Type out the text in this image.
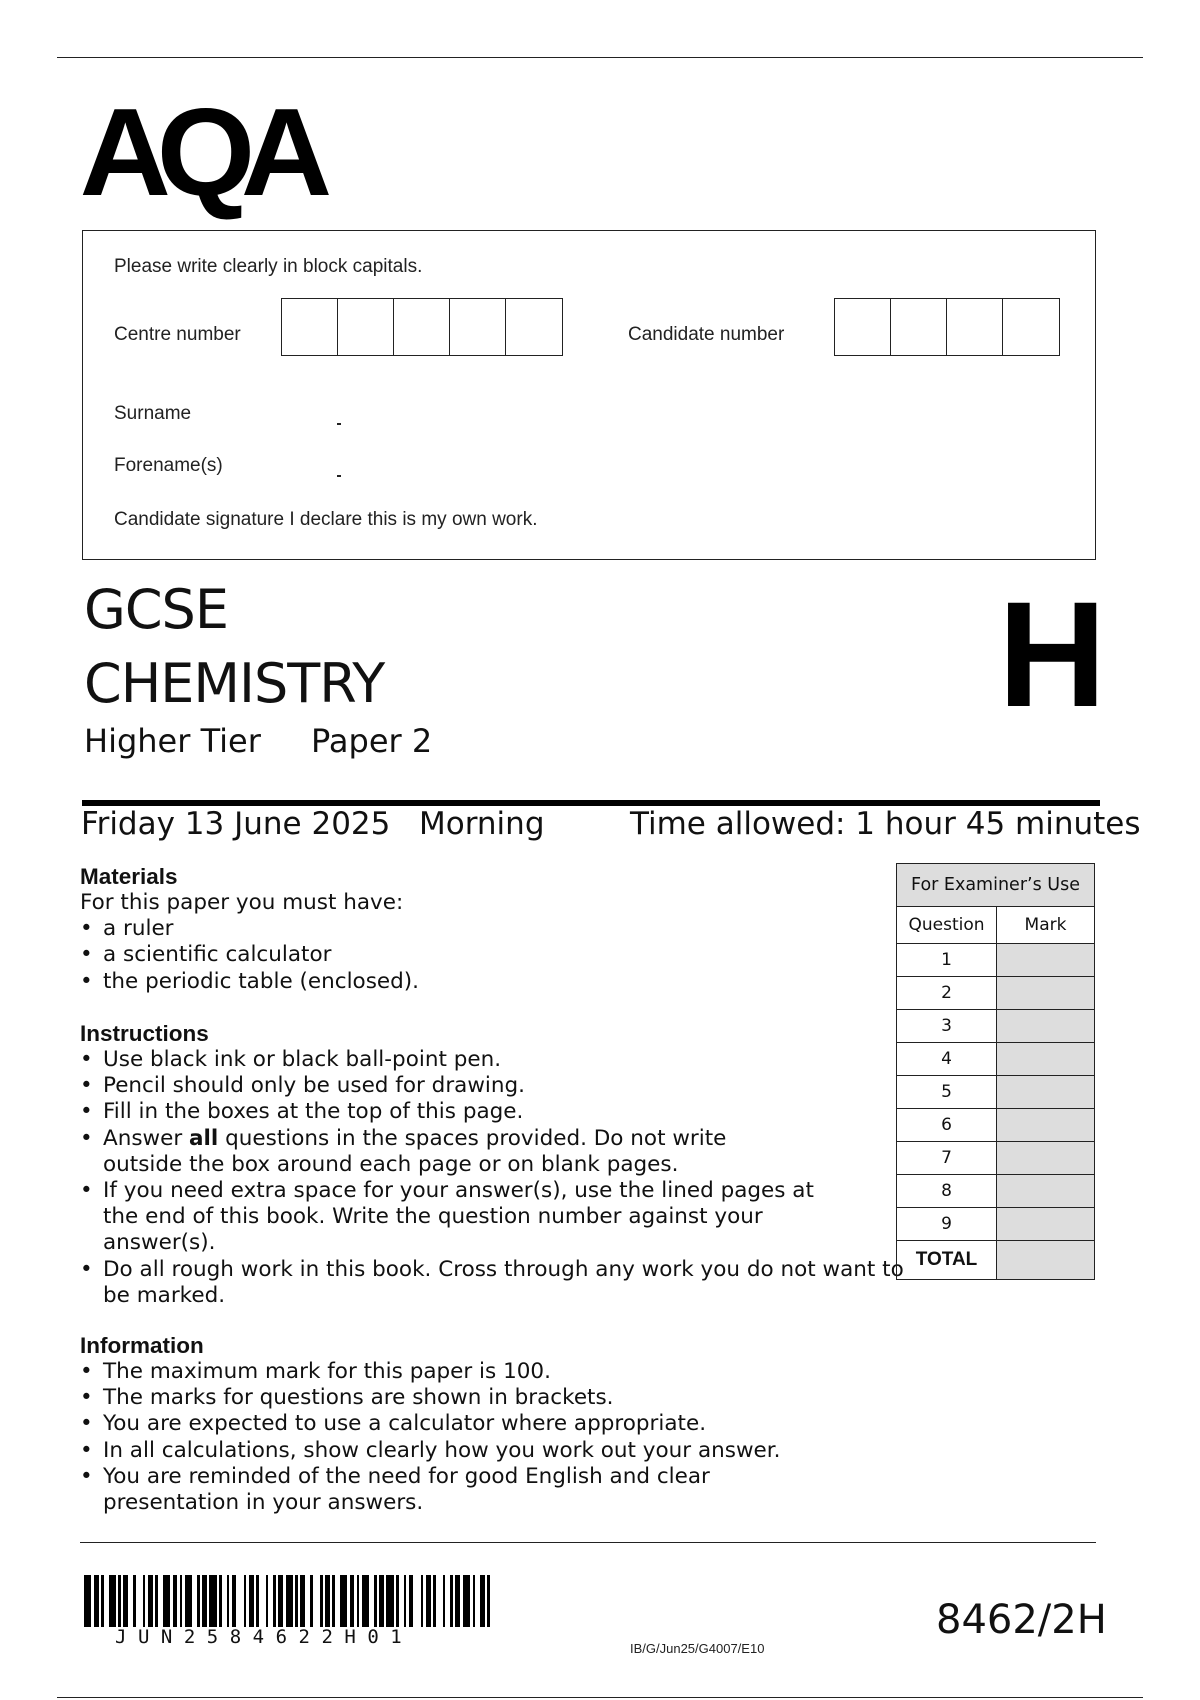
AQA
Please write clearly in block capitals.
Centre number	Candidate number
Surname
Forename(s)
Candidate signature I declare this is my own work.
GCSE
CHEMISTRY
Higher Tier Paper 2
H
Friday 13 June 2025 Morning	Time allowed: 1 hour 45 minutes
Materials
For this paper you must have:
• a ruler
• a scientific calculator
• the periodic table (enclosed).
Instructions
• Use black ink or black ball-point pen.
• Pencil should only be used for drawing.
• Fill in the boxes at the top of this page.
• Answer all questions in the spaces provided. Do not write outside the box around each page or on blank pages.
• If you need extra space for your answer(s), use the lined pages at the end of this book. Write the question number against your answer(s).
• Do all rough work in this book. Cross through any work you do not want to be marked.
Information
• The maximum mark for this paper is 100.
• The marks for questions are shown in brackets.
• You are expected to use a calculator where appropriate.
• In all calculations, show clearly how you work out your answer.
• You are reminded of the need for good English and clear presentation in your answers.
For Examiner’s Use	
Question	Mark
1	
2	
3	
4	
5	
6	
7	
8	
9	
TOTAL	
JUN2584622H01
IB/G/Jun25/G4007/E10
8462/2H
